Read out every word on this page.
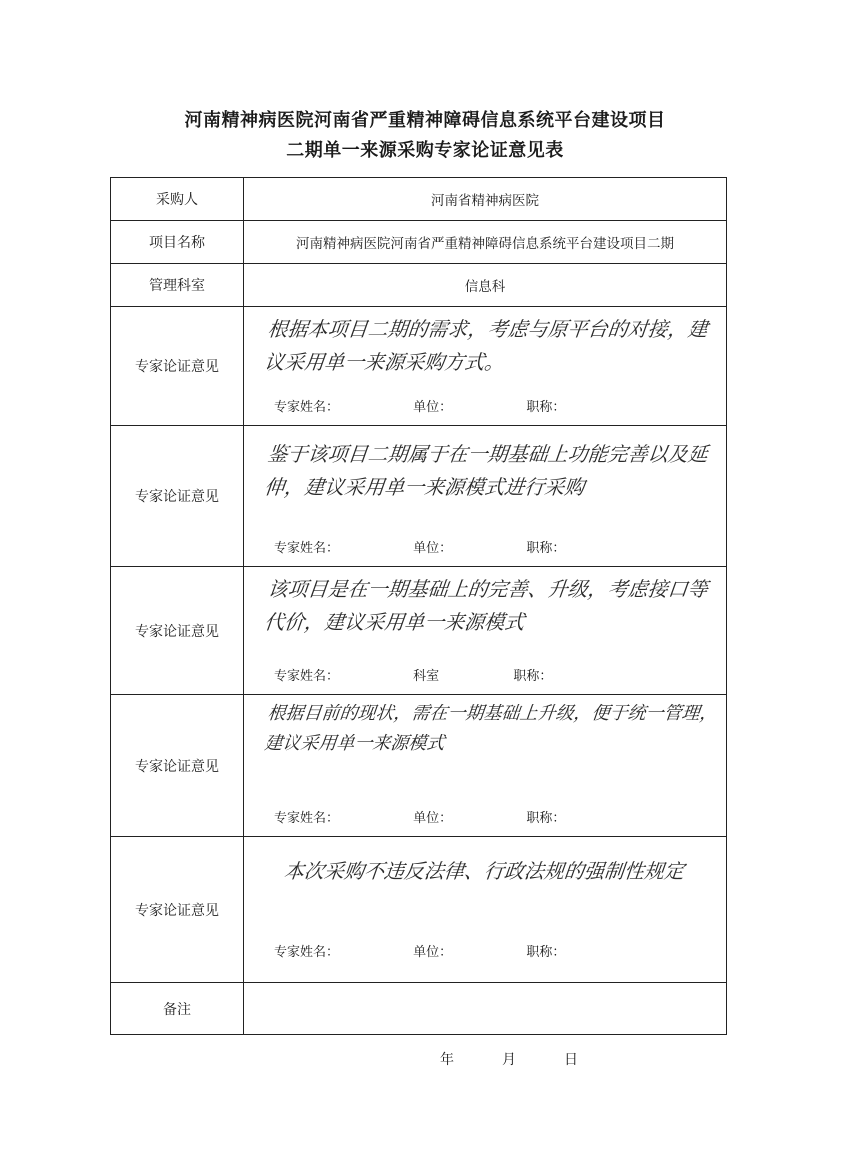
河南精神病医院河南省严重精神障碍信息系统平台建设项目
二期单一来源采购专家论证意见表
采购人	河南省精神病医院
项目名称	河南精神病医院河南省严重精神障碍信息系统平台建设项目二期
管理科室	信息科
专家论证意见	根据本项目二期的需求，考虑与原平台的对接，建议采用单一来源采购方式。
专家姓名： 单位： 职称：

专家论证意见	鉴于该项目二期属于在一期基础上功能完善以及延伸，建议采用单一来源模式进行采购
专家姓名： 单位： 职称：

专家论证意见	该项目是在一期基础上的完善、升级，考虑接口等代价，建议采用单一来源模式
专家姓名： 科室 职称：

专家论证意见	根据目前的现状，需在一期基础上升级，便于统一管理，建议采用单一来源模式
专家姓名： 单位： 职称：

专家论证意见	本次采购不违反法律、行政法规的强制性规定
专家姓名： 单位： 职称：

备注	
年	月	日
